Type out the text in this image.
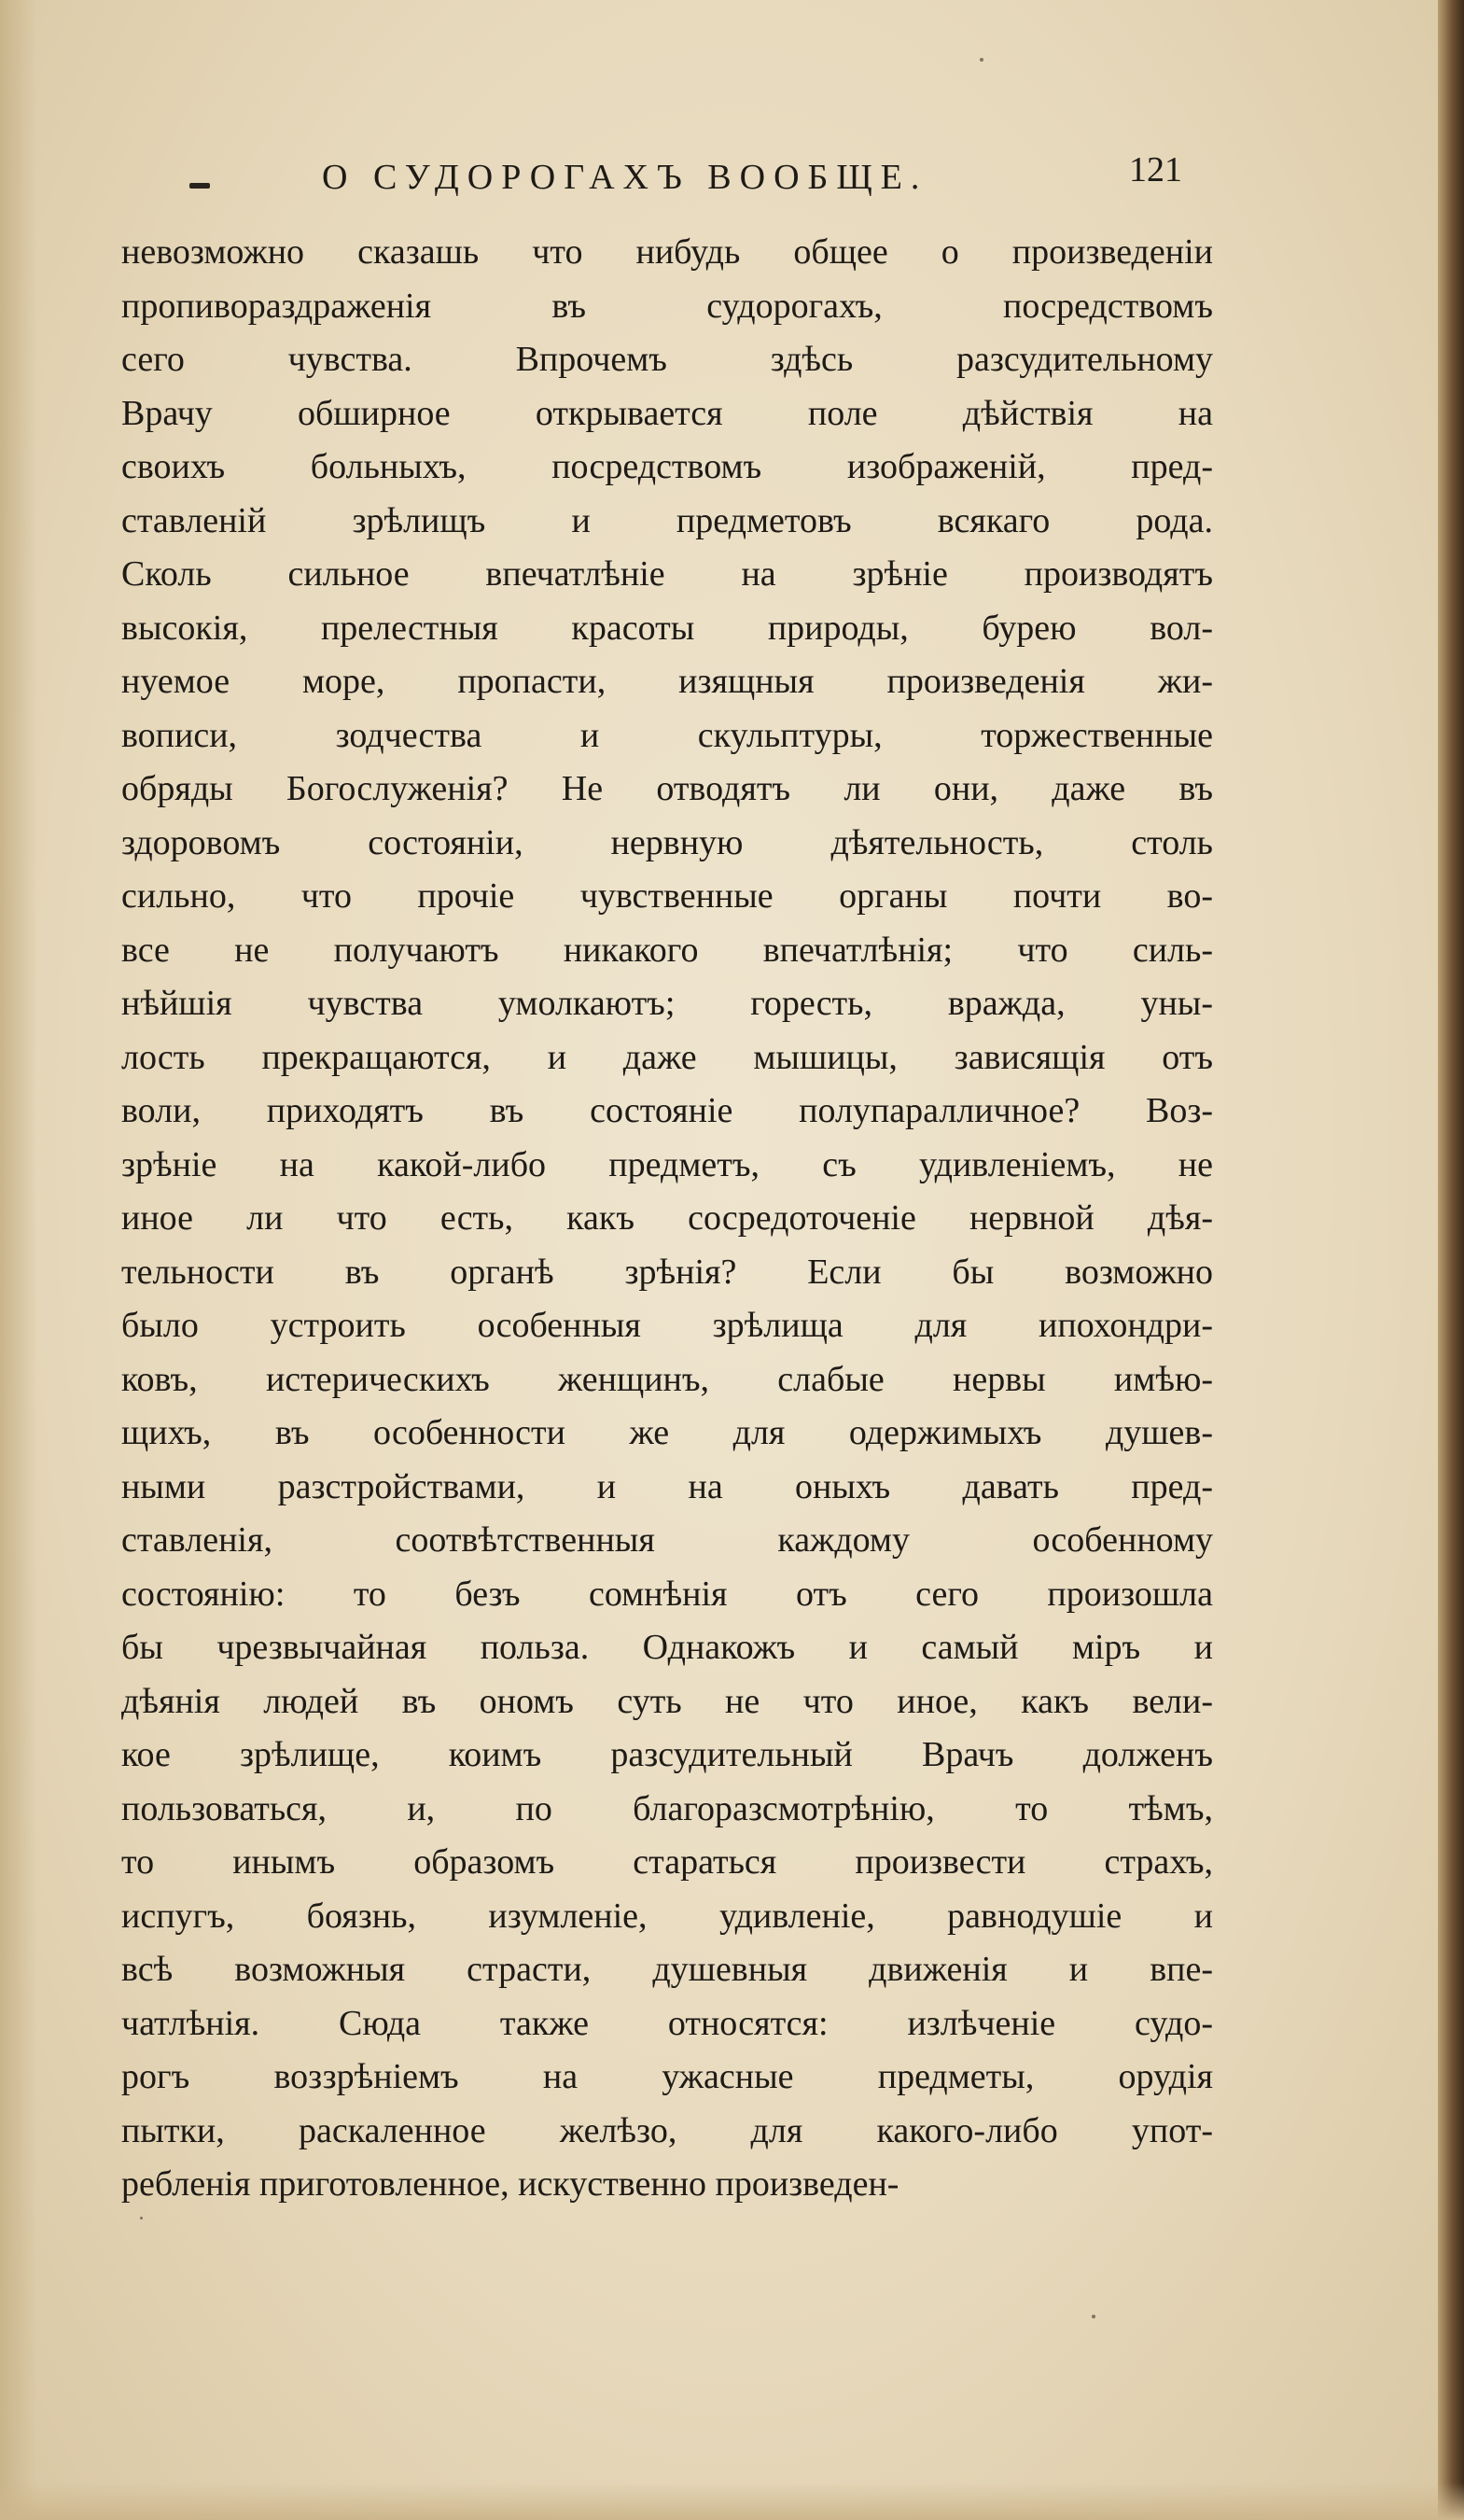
О СУДОРОГАХЪ ВООБЩЕ.	121
невозможно сказашь что нибудь общее о произведенiи
пропивораздраженiя въ судорогахъ, посредствомъ
сего чувства. Впрочемъ здѣсь разсудительному
Врачу обширное открывается поле дѣйствiя на
своихъ больныхъ, посредствомъ изображенiй, пред-
ставленiй зрѣлищъ и предметовъ всякаго рода.
Сколь сильное впечатлѣнiе на зрѣнiе производятъ
высокiя, прелестныя красоты природы, бурею вол-
нуемое море, пропасти, изящныя произведенiя жи-
вописи, зодчества и скульптуры, торжественные
обряды Богослуженiя? Не отводятъ ли они, даже въ
здоровомъ состоянiи, нервную дѣятельность, столь
сильно, что прочiе чувственные органы почти во-
все не получаютъ никакого впечатлѣнiя; что силь-
нѣйшiя чувства умолкаютъ; горесть, вражда, уны-
лость прекращаются, и даже мышицы, зависящiя отъ
воли, приходятъ въ состоянiе полупаралличное? Воз-
зрѣнiе на какой-либо предметъ, съ удивленiемъ, не
иное ли что есть, какъ сосредоточенiе нервной дѣя-
тельности въ органѣ зрѣнiя? Если бы возможно
было устроить особенныя зрѣлища для ипохондри-
ковъ, истерическихъ женщинъ, слабые нервы имѣю-
щихъ, въ особенности же для одержимыхъ душев-
ными разстройствами, и на оныхъ давать пред-
ставленiя, соотвѣтственныя каждому особенному
состоянiю: то безъ сомнѣнiя отъ сего произошла
бы чрезвычайная польза. Однакожъ и самый мiръ и
дѣянiя людей въ ономъ суть не что иное, какъ вели-
кое зрѣлище, коимъ разсудительный Врачъ долженъ
пользоваться, и, по благоразсмотрѣнiю, то тѣмъ,
то инымъ образомъ стараться произвести страхъ,
испугъ, боязнь, изумленiе, удивленiе, равнодушiе и
всѣ возможныя страсти, душевныя движенiя и впе-
чатлѣнiя. Сюда также относятся: излѣченiе судо-
рогъ воззрѣнiемъ на ужасные предметы, орудiя
пытки, раскаленное желѣзо, для какого-либо упот-
ребленiя приготовленное, искуственно произведен-
